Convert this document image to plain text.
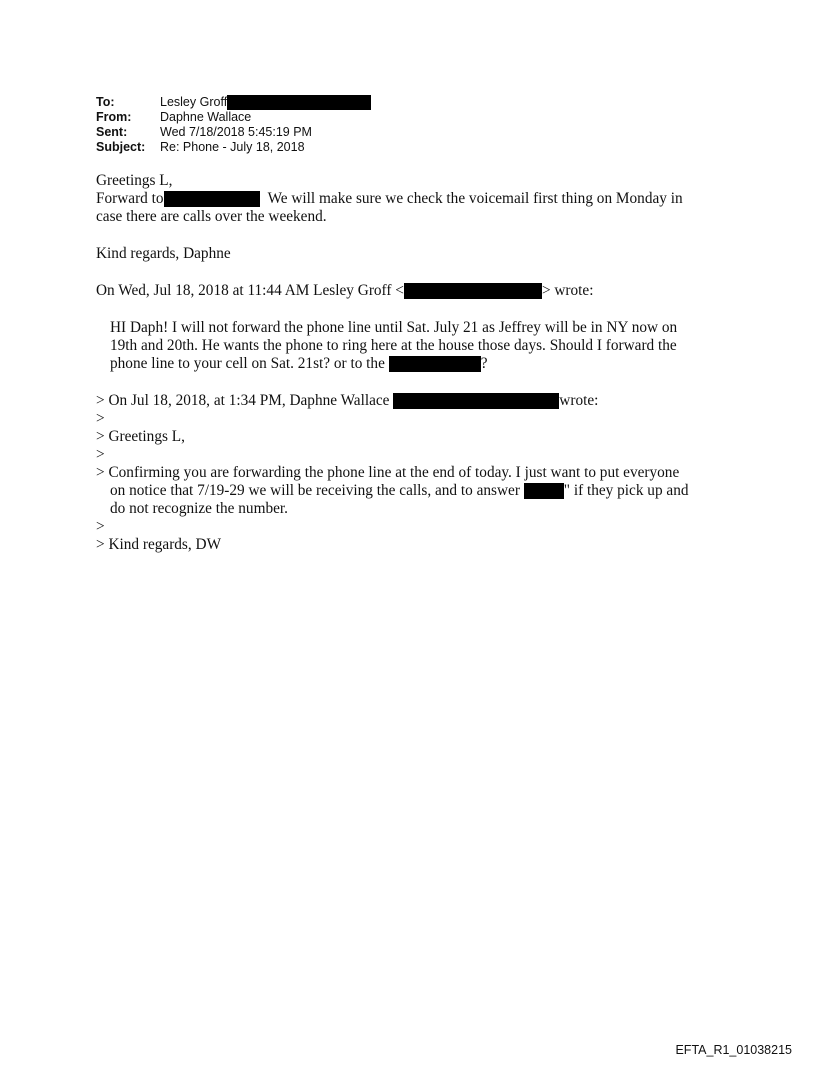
To:	Lesley Groff
From:	Daphne Wallace
Sent:	Wed 7/18/2018 5:45:19 PM
Subject:	Re: Phone - July 18, 2018
Greetings L,
Forward to	We will make sure we check the voicemail first thing on Monday in
case there are calls over the weekend.
Kind regards, Daphne
On Wed, Jul 18, 2018 at 11:44 AM Lesley Groff <	> wrote:
HI Daph! I will not forward the phone line until Sat. July 21 as Jeffrey will be in NY now on
19th and 20th. He wants the phone to ring here at the house those days. Should I forward the
phone line to your cell on Sat. 21st? or to the	?
> On Jul 18, 2018, at 1:34 PM, Daphne Wallace	wrote:
>
> Greetings L,
>
> Confirming you are forwarding the phone line at the end of today. I just want to put everyone
on notice that 7/19-29 we will be receiving the calls, and to answer	" if they pick up and
do not recognize the number.
>
> Kind regards, DW
EFTA_R1_01038215
